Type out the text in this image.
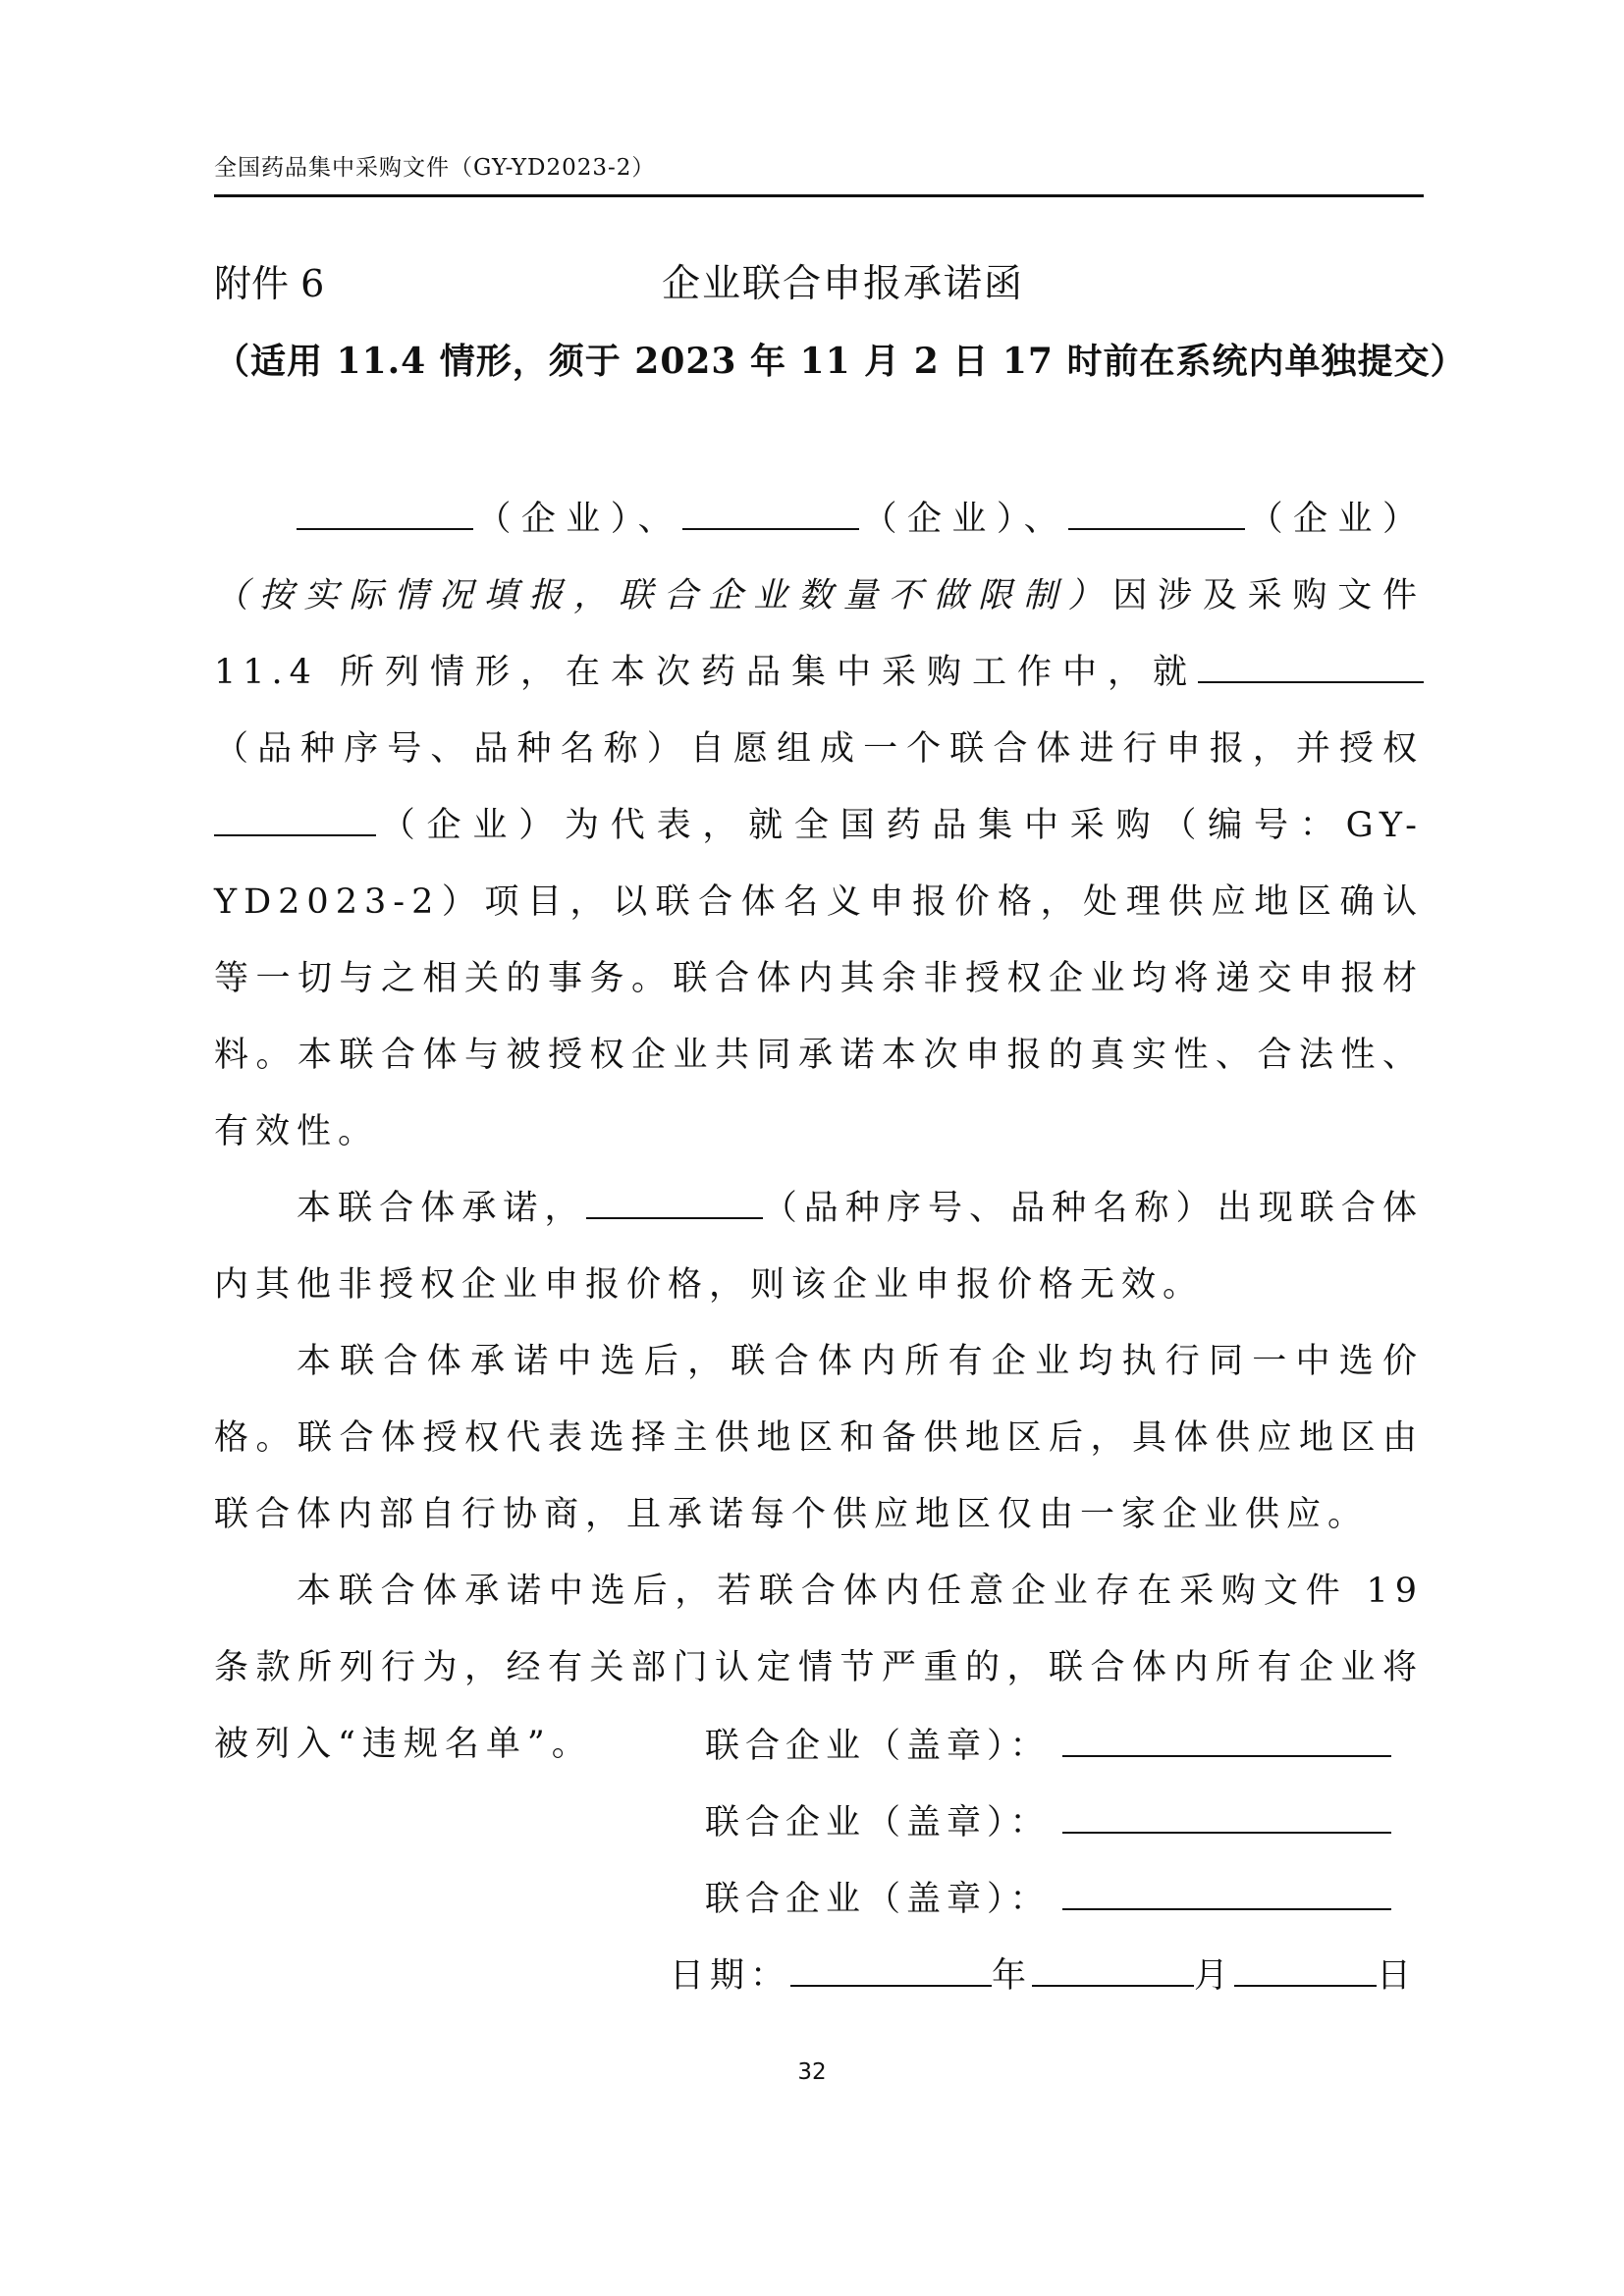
全国药品集中采购文件（GY-YD2023-2）
附件 6	企业联合申报承诺函
（适用 11.4 情形，须于 2023 年 11 月 2 日 17 时前在系统内单独提交）

（企业）、	（企业）、	（企业）（按实际情况填报，联合企业数量不做限制）因涉及采购文件 11.4 所列情形，在本次药品集中采购工作中，就（品种序号、品种名称）自愿组成一个联合体进行申报，并授权（企业）为代表，就全国药品集中采购（编号：GY-YD2023-2）项目，以联合体名义申报价格，处理供应地区确认等一切与之相关的事务。联合体内其余非授权企业均将递交申报材料。本联合体与被授权企业共同承诺本次申报的真实性、合法性、有效性。

本联合体承诺，	（品种序号、品种名称）出现联合体内其他非授权企业申报价格，则该企业申报价格无效。

本联合体承诺中选后，联合体内所有企业均执行同一中选价格。联合体授权代表选择主供地区和备供地区后，具体供应地区由联合体内部自行协商，且承诺每个供应地区仅由一家企业供应。

本联合体承诺中选后，若联合体内任意企业存在采购文件 19 条款所列行为，经有关部门认定情节严重的，联合体内所有企业将被列入“违规名单”。	联合企业（盖章）：
联合企业（盖章）：
联合企业（盖章）：
日期：	年	月	日
32
